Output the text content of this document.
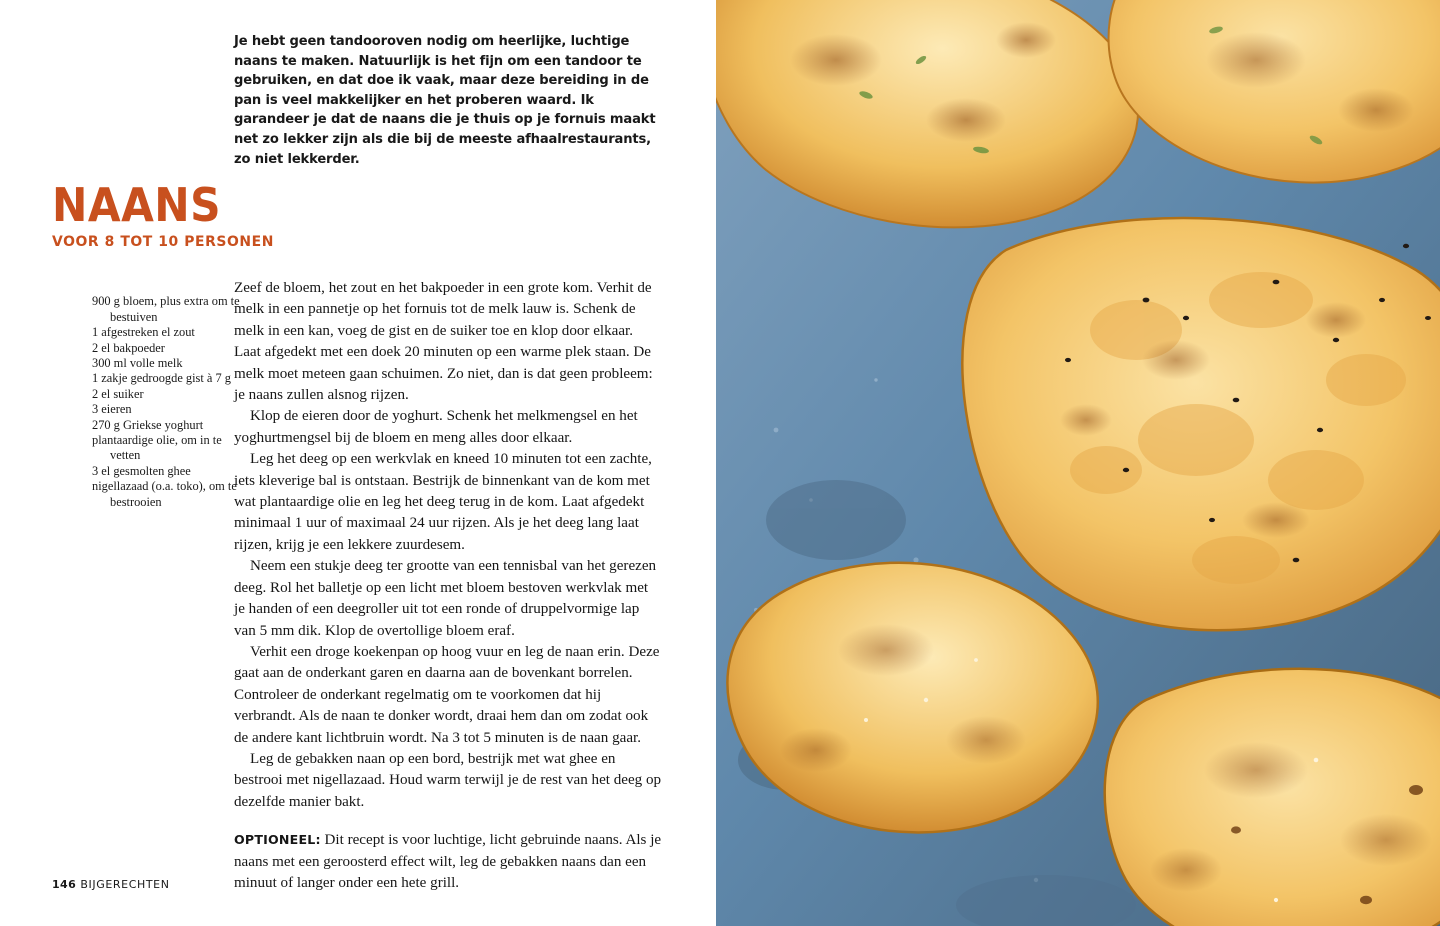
Je hebt geen tandooroven nodig om heerlijke, luchtige naans te maken. Natuurlijk is het fijn om een tandoor te gebruiken, en dat doe ik vaak, maar deze bereiding in de pan is veel makkelijker en het proberen waard. Ik garandeer je dat de naans die je thuis op je fornuis maakt net zo lekker zijn als die bij de meeste afhaalrestaurants, zo niet lekkerder.
NAANS
VOOR 8 TOT 10 PERSONEN
900 g bloem, plus extra om te
bestuiven
1 afgestreken el zout
2 el bakpoeder
300 ml volle melk
1 zakje gedroogde gist à 7 g
2 el suiker
3 eieren
270 g Griekse yoghurt
plantaardige olie, om in te
vetten
3 el gesmolten ghee
nigellazaad (o.a. toko), om te
bestrooien

Zeef de bloem, het zout en het bakpoeder in een grote kom. Verhit de melk in een pannetje op het fornuis tot de melk lauw is. Schenk de melk in een kan, voeg de gist en de suiker toe en klop door elkaar. Laat afgedekt met een doek 20 minuten op een warme plek staan. De melk moet meteen gaan schuimen. Zo niet, dan is dat geen probleem: je naans zullen alsnog rijzen.

Klop de eieren door de yoghurt. Schenk het melkmengsel en het yoghurtmengsel bij de bloem en meng alles door elkaar.

Leg het deeg op een werkvlak en kneed 10 minuten tot een zachte, iets kleverige bal is ontstaan. Bestrijk de binnenkant van de kom met wat plantaardige olie en leg het deeg terug in de kom. Laat afgedekt minimaal 1 uur of maximaal 24 uur rijzen. Als je het deeg lang laat rijzen, krijg je een lekkere zuurdesem.

Neem een stukje deeg ter grootte van een tennisbal van het gerezen deeg. Rol het balletje op een licht met bloem bestoven werkvlak met je handen of een deegroller uit tot een ronde of druppelvormige lap van 5 mm dik. Klop de overtollige bloem eraf.

Verhit een droge koekenpan op hoog vuur en leg de naan erin. Deze gaat aan de onderkant garen en daarna aan de bovenkant borrelen. Controleer de onderkant regelmatig om te voorkomen dat hij verbrandt. Als de naan te donker wordt, draai hem dan om zodat ook de andere kant lichtbruin wordt. Na 3 tot 5 minuten is de naan gaar.

Leg de gebakken naan op een bord, bestrijk met wat ghee en bestrooi met nigellazaad. Houd warm terwijl je de rest van het deeg op dezelfde manier bakt.

OPTIONEEL: Dit recept is voor luchtige, licht gebruinde naans. Als je naans met een geroosterd effect wilt, leg de gebakken naans dan een minuut of langer onder een hete grill.

146 BIJGERECHTEN
